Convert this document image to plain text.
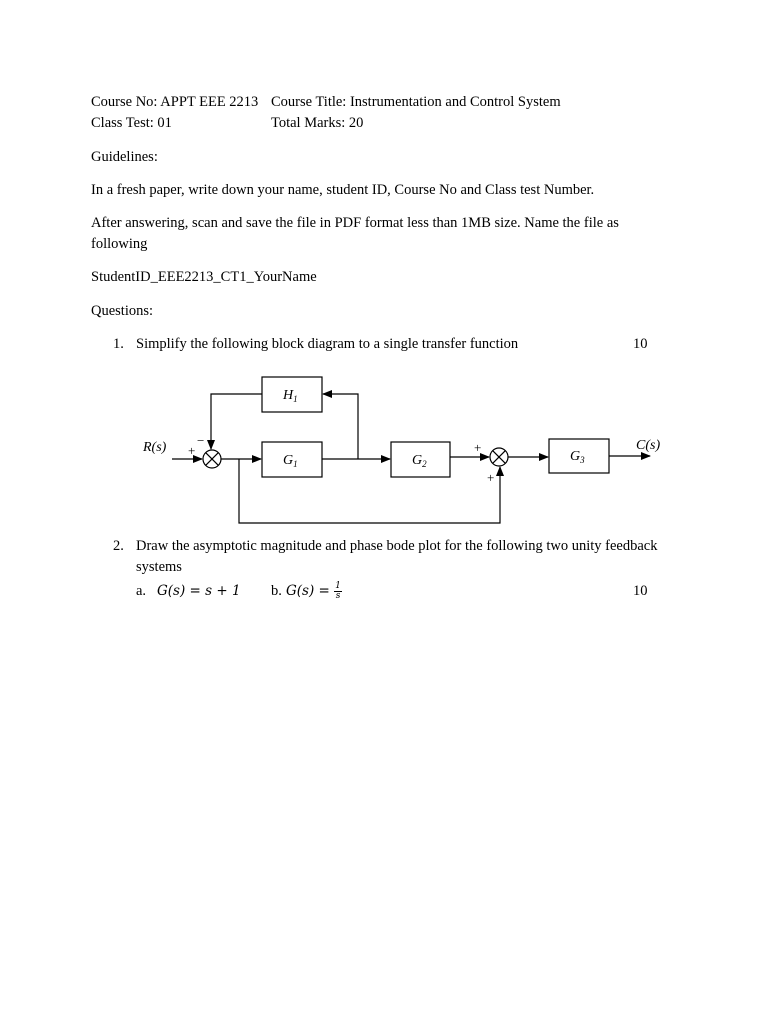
Course No: APPT EEE 2213 Course Title: Instrumentation and Control System
Class Test: 01	Total Marks: 20
Guidelines:
In a fresh paper, write down your name, student ID, Course No and Class test Number.
After answering, scan and save the file in PDF format less than 1MB size. Name the file as
following
StudentID_EEE2213_CT1_YourName
Questions:
1. Simplify the following block diagram to a single transfer function	10
$H_1$
$G_1$	$G_2$	$G_3$
R(s)	C(s)
+
−	+
+
2. Draw the asymptotic magnitude and phase bode plot for the following two unity feedback
systems
a. G(s) = s + 1 b. $G(s) = \frac{1}{s}$	10
